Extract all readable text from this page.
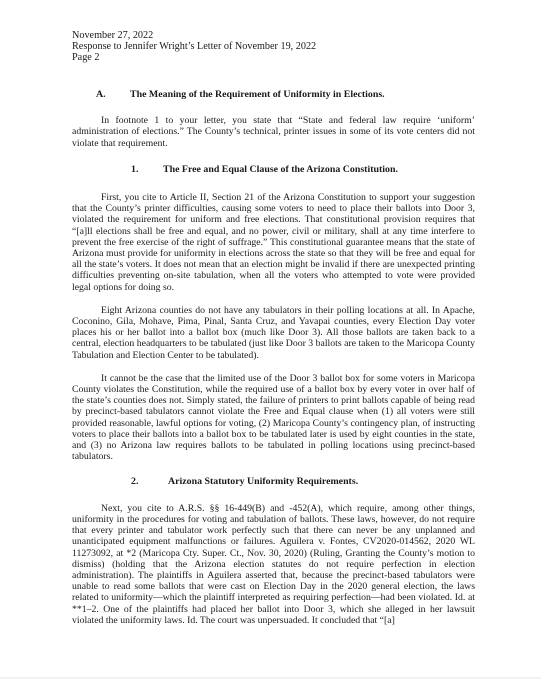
November 27, 2022
Response to Jennifer Wright’s Letter of November 19, 2022
Page 2
A. The Meaning of the Requirement of Uniformity in Elections.

In footnote 1 to your letter, you state that “State and federal law require ‘uniform’ administration of elections.” The County’s technical, printer issues in some of its vote centers did not violate that requirement.

1. The Free and Equal Clause of the Arizona Constitution.

First, you cite to Article II, Section 21 of the Arizona Constitution to support your suggestion that the County’s printer difficulties, causing some voters to need to place their ballots into Door 3, violated the requirement for uniform and free elections. That constitutional provision requires that “[a]ll elections shall be free and equal, and no power, civil or military, shall at any time interfere to prevent the free exercise of the right of suffrage.” This constitutional guarantee means that the state of Arizona must provide for uniformity in elections across the state so that they will be free and equal for all the state’s voters. It does not mean that an election might be invalid if there are unexpected printing difficulties preventing on-site tabulation, when all the voters who attempted to vote were provided legal options for doing so.

Eight Arizona counties do not have any tabulators in their polling locations at all. In Apache, Coconino, Gila, Mohave, Pima, Pinal, Santa Cruz, and Yavapai counties, every Election Day voter places his or her ballot into a ballot box (much like Door 3). All those ballots are taken back to a central, election headquarters to be tabulated (just like Door 3 ballots are taken to the Maricopa County Tabulation and Election Center to be tabulated).

It cannot be the case that the limited use of the Door 3 ballot box for some voters in Maricopa County violates the Constitution, while the required use of a ballot box by every voter in over half of the state’s counties does not. Simply stated, the failure of printers to print ballots capable of being read by precinct-based tabulators cannot violate the Free and Equal clause when (1) all voters were still provided reasonable, lawful options for voting, (2) Maricopa County’s contingency plan, of instructing voters to place their ballots into a ballot box to be tabulated later is used by eight counties in the state, and (3) no Arizona law requires ballots to be tabulated in polling locations using precinct-based tabulators.

2.	Arizona Statutory Uniformity Requirements.

Next, you cite to A.R.S. §§ 16-449(B) and -452(A), which require, among other things, uniformity in the procedures for voting and tabulation of ballots. These laws, however, do not require that every printer and tabulator work perfectly such that there can never be any unplanned and unanticipated equipment malfunctions or failures. Aguilera v. Fontes, CV2020-014562, 2020 WL 11273092, at *2 (Maricopa Cty. Super. Ct., Nov. 30, 2020) (Ruling, Granting the County’s motion to dismiss) (holding that the Arizona election statutes do not require perfection in election administration). The plaintiffs in Aguilera asserted that, because the precinct-based tabulators were unable to read some ballots that were cast on Election Day in the 2020 general election, the laws related to uniformity—which the plaintiff interpreted as requiring perfection—had been violated. Id. at **1–2. One of the plaintiffs had placed her ballot into Door 3, which she alleged in her lawsuit violated the uniformity laws. Id. The court was unpersuaded. It concluded that “[a]
